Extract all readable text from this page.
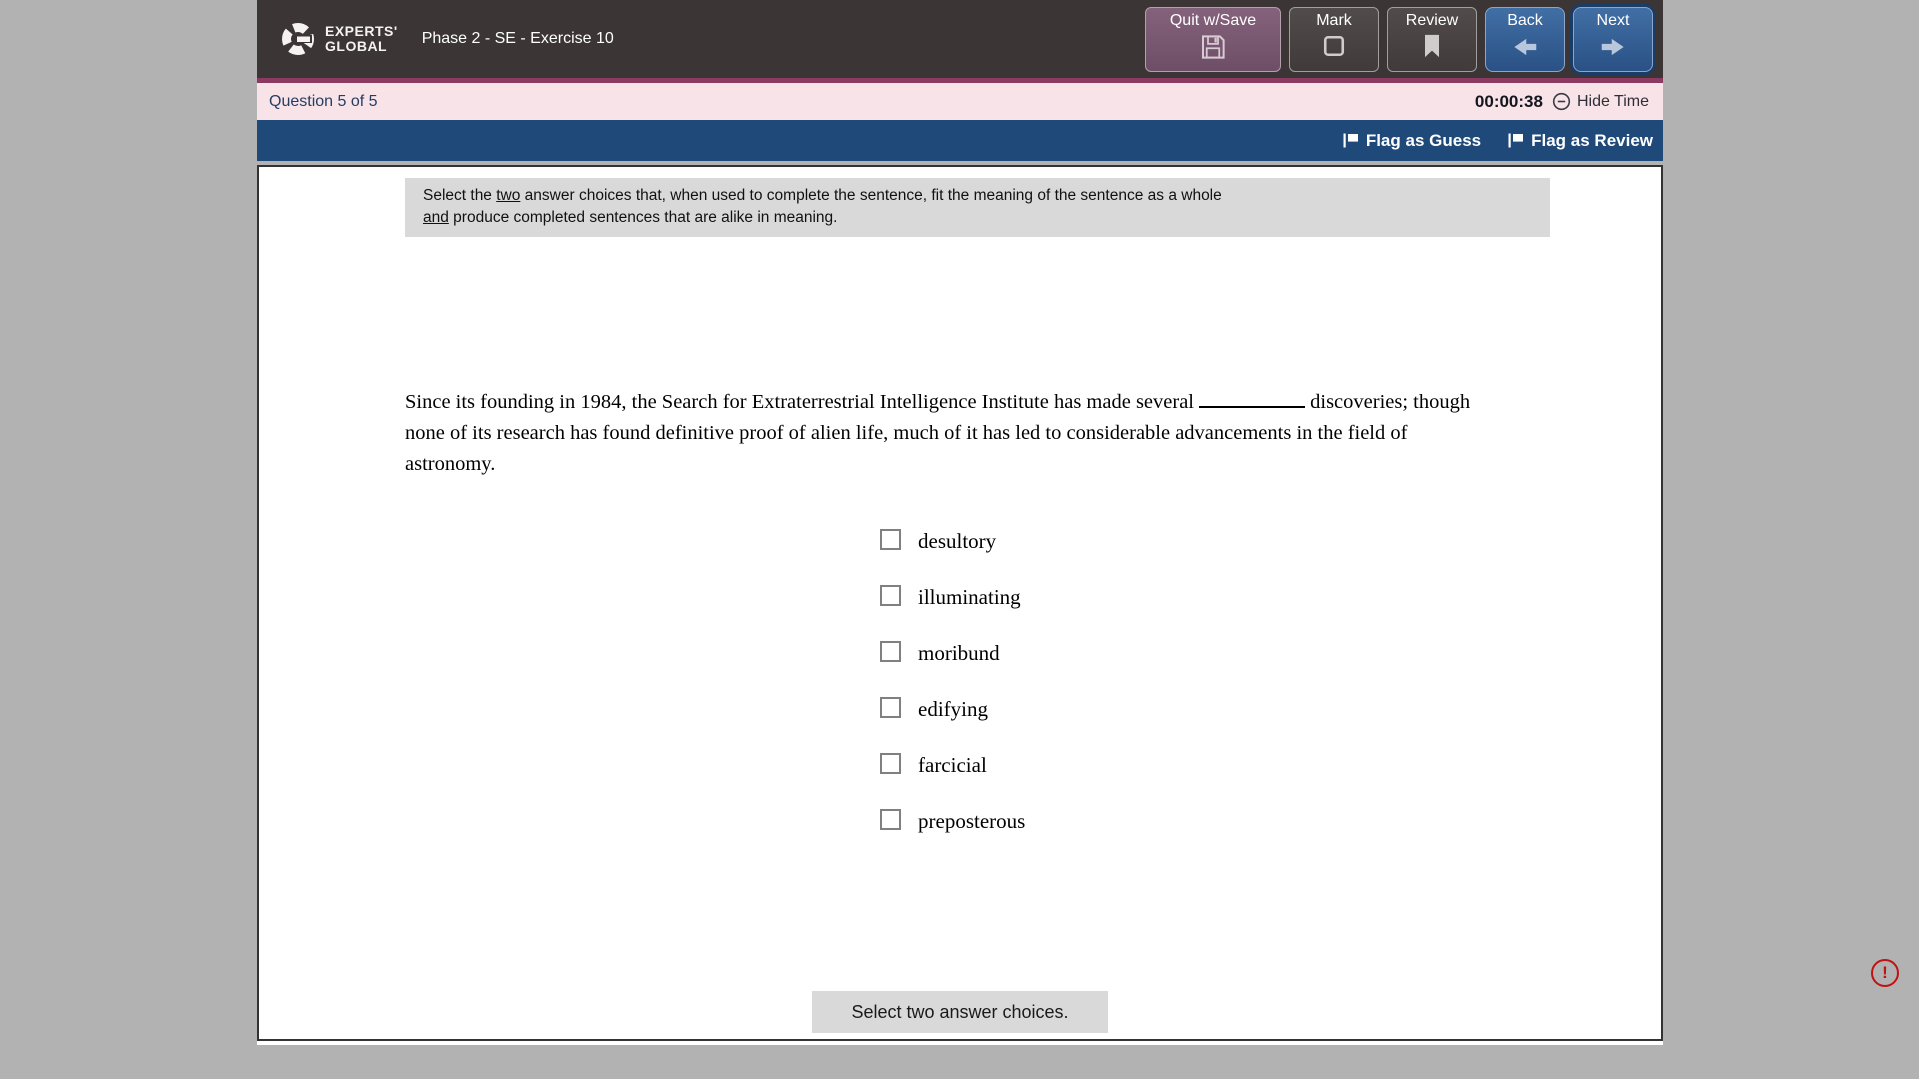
EXPERTS'
GLOBAL	Phase 2 - SE - Exercise 10
Quit w/Save	Mark	Review	Back	Next
Question 5 of 5	00:00:38 Hide Time
Flag as Guess	Flag as Review
Select the two answer choices that, when used to complete the sentence, fit the meaning of the sentence as a whole
and produce completed sentences that are alike in meaning.
Since its founding in 1984, the Search for Extraterrestrial Intelligence Institute has made several	discoveries; though none of its research has found definitive proof of alien life, much of it has led to considerable advancements in the field of astronomy.
desultory
illuminating
moribund
edifying
farcicial
preposterous
Select two answer choices.
!
